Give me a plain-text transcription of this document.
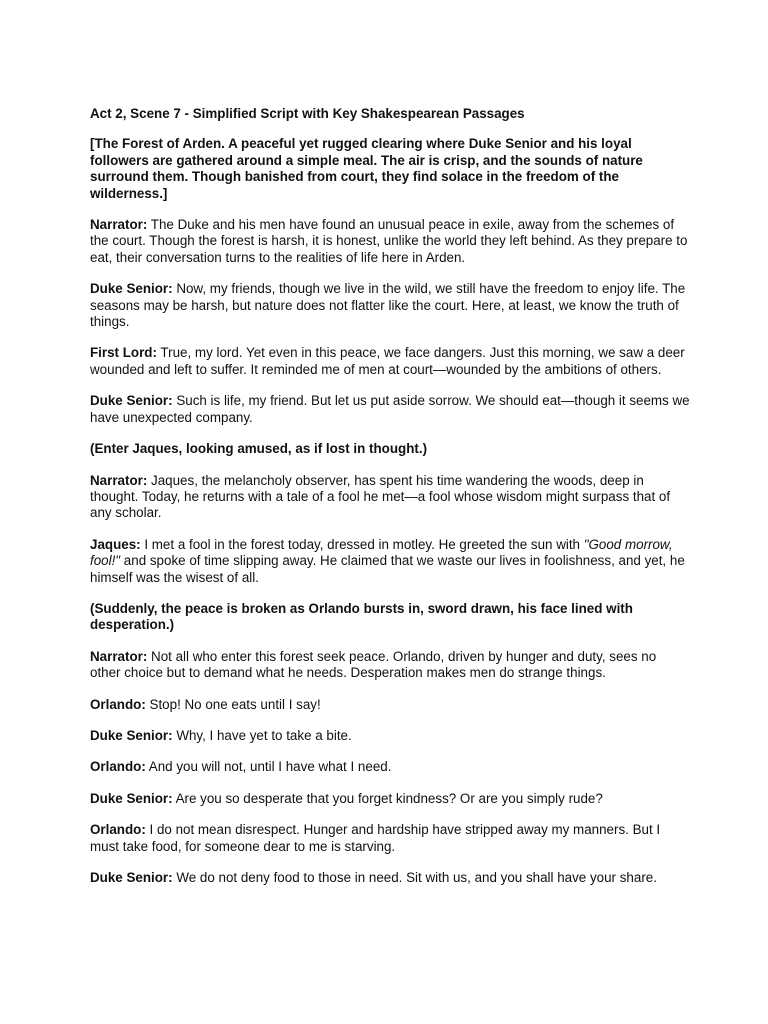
Act 2, Scene 7 - Simplified Script with Key Shakespearean Passages

[The Forest of Arden. A peaceful yet rugged clearing where Duke Senior and his loyal followers are gathered around a simple meal. The air is crisp, and the sounds of nature surround them. Though banished from court, they find solace in the freedom of the wilderness.]

Narrator: The Duke and his men have found an unusual peace in exile, away from the schemes of the court. Though the forest is harsh, it is honest, unlike the world they left behind. As they prepare to eat, their conversation turns to the realities of life here in Arden.

Duke Senior: Now, my friends, though we live in the wild, we still have the freedom to enjoy life. The seasons may be harsh, but nature does not flatter like the court. Here, at least, we know the truth of things.

First Lord: True, my lord. Yet even in this peace, we face dangers. Just this morning, we saw a deer wounded and left to suffer. It reminded me of men at court—wounded by the ambitions of others.

Duke Senior: Such is life, my friend. But let us put aside sorrow. We should eat—though it seems we have unexpected company.

(Enter Jaques, looking amused, as if lost in thought.)

Narrator: Jaques, the melancholy observer, has spent his time wandering the woods, deep in thought. Today, he returns with a tale of a fool he met—a fool whose wisdom might surpass that of any scholar.

Jaques: I met a fool in the forest today, dressed in motley. He greeted the sun with "Good morrow, fool!" and spoke of time slipping away. He claimed that we waste our lives in foolishness, and yet, he himself was the wisest of all.

(Suddenly, the peace is broken as Orlando bursts in, sword drawn, his face lined with desperation.)

Narrator: Not all who enter this forest seek peace. Orlando, driven by hunger and duty, sees no other choice but to demand what he needs. Desperation makes men do strange things.

Orlando: Stop! No one eats until I say!

Duke Senior: Why, I have yet to take a bite.

Orlando: And you will not, until I have what I need.

Duke Senior: Are you so desperate that you forget kindness? Or are you simply rude?

Orlando: I do not mean disrespect. Hunger and hardship have stripped away my manners. But I must take food, for someone dear to me is starving.

Duke Senior: We do not deny food to those in need. Sit with us, and you shall have your share.
